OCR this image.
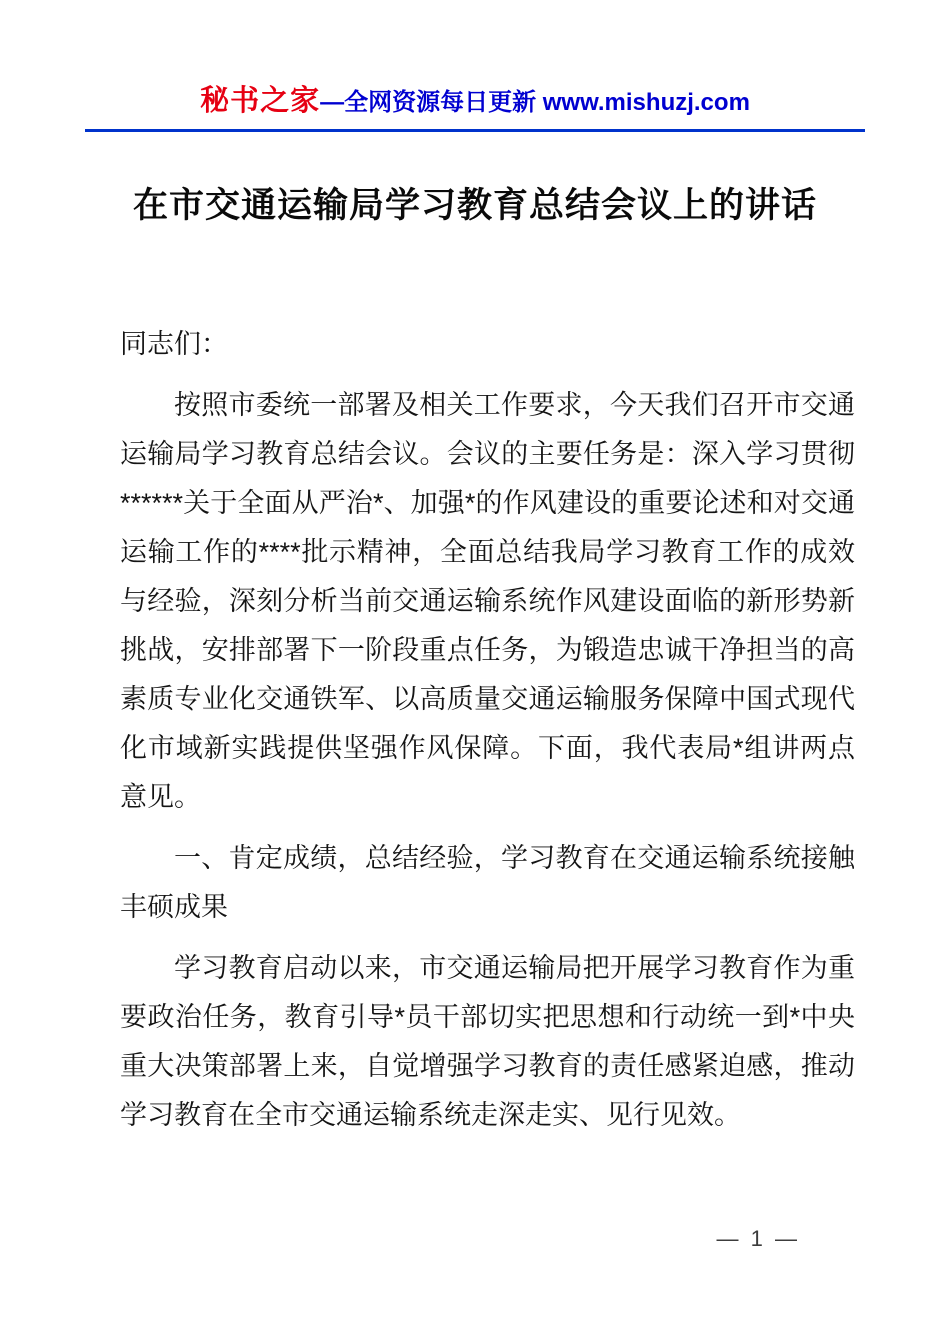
秘书之家—全网资源每日更新 www.mishuzj.com
在市交通运输局学习教育总结会议上的讲话

同志们：

按照市委统一部署及相关工作要求，今天我们召开市交通运输局学习教育总结会议。会议的主要任务是：深入学习贯彻******关于全面从严治*、加强*的作风建设的重要论述和对交通运输工作的****批示精神，全面总结我局学习教育工作的成效与经验，深刻分析当前交通运输系统作风建设面临的新形势新挑战，安排部署下一阶段重点任务，为锻造忠诚干净担当的高素质专业化交通铁军、以高质量交通运输服务保障中国式现代化市域新实践提供坚强作风保障。下面，我代表局*组讲两点意见。

一、肯定成绩，总结经验，学习教育在交通运输系统接触丰硕成果

学习教育启动以来，市交通运输局把开展学习教育作为重要政治任务，教育引导*员干部切实把思想和行动统一到*中央重大决策部署上来，自觉增强学习教育的责任感紧迫感，推动学习教育在全市交通运输系统走深走实、见行见效。

— 1 —
